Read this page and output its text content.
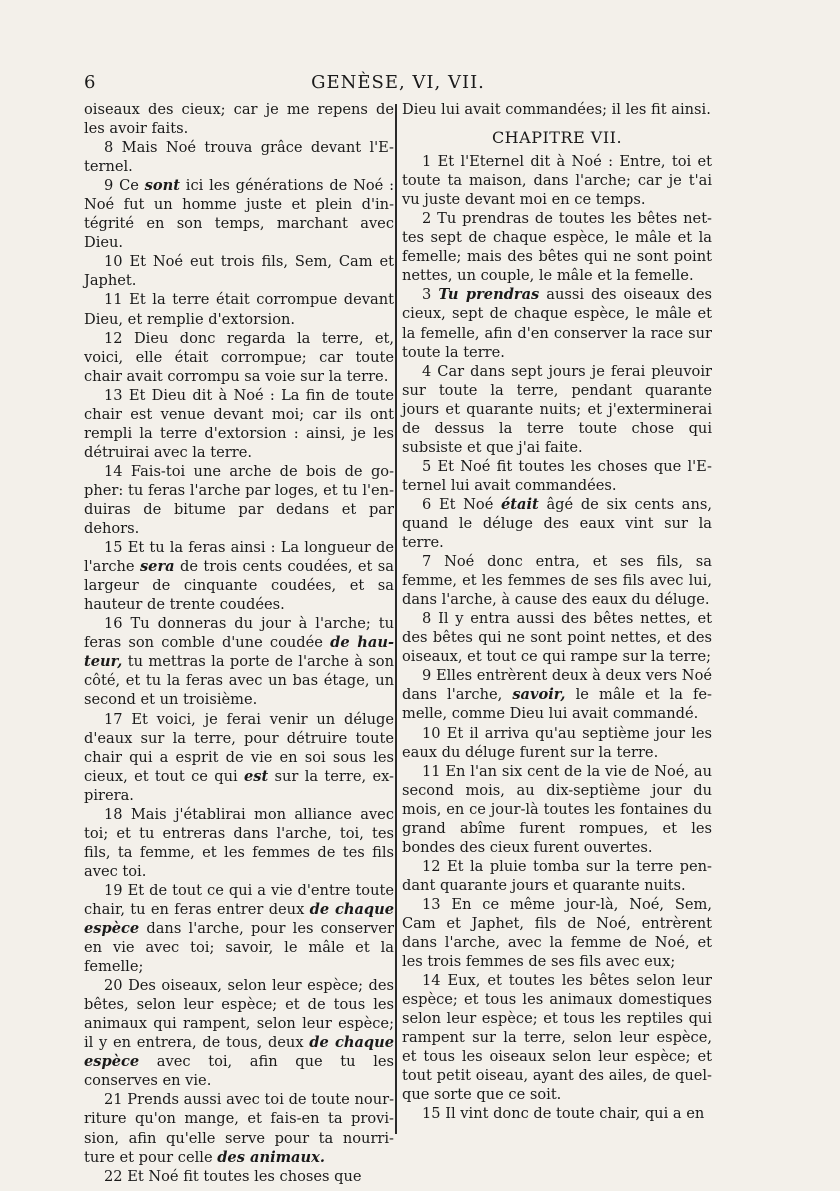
6	GENÈSE, VI, VII.

oiseaux des cieux; car je me repens de les avoir faits.

8 Mais Noé trouva grâce devant l'E-ternel.

9 Ce sont ici les générations de Noé : Noé fut un homme juste et plein d'in-tégrité en son temps, marchant avec Dieu.

10 Et Noé eut trois fils, Sem, Cam et Japhet.

11 Et la terre était corrompue devant Dieu, et remplie d'extorsion.

12 Dieu donc regarda la terre, et, voici, elle était corrompue; car toute chair avait corrompu sa voie sur la terre.

13 Et Dieu dit à Noé : La fin de toute chair est venue devant moi; car ils ont rempli la terre d'extorsion : ainsi, je les détruirai avec la terre.

14 Fais-toi une arche de bois de go-pher: tu feras l'arche par loges, et tu l'en-duiras de bitume par dedans et par dehors.

15 Et tu la feras ainsi : La longueur de l'arche sera de trois cents coudées, et sa largeur de cinquante coudées, et sa hauteur de trente coudées.

16 Tu donneras du jour à l'arche; tu feras son comble d'une coudée de hau-teur, tu mettras la porte de l'arche à son côté, et tu la feras avec un bas étage, un second et un troisième.

17 Et voici, je ferai venir un déluge d'eaux sur la terre, pour détruire toute chair qui a esprit de vie en soi sous les cieux, et tout ce qui est sur la terre, ex-pirera.

18 Mais j'établirai mon alliance avec toi; et tu entreras dans l'arche, toi, tes fils, ta femme, et les femmes de tes fils avec toi.

19 Et de tout ce qui a vie d'entre toute chair, tu en feras entrer deux de chaque espèce dans l'arche, pour les conserver en vie avec toi; savoir, le mâle et la femelle;

20 Des oiseaux, selon leur espèce; des bêtes, selon leur espèce; et de tous les animaux qui rampent, selon leur espèce; il y en entrera, de tous, deux de chaque espèce avec toi, afin que tu les conserves en vie.

21 Prends aussi avec toi de toute nour-riture qu'on mange, et fais-en ta provi-sion, afin qu'elle serve pour ta nourri-ture et pour celle des animaux.

22 Et Noé fit toutes les choses que

Dieu lui avait commandées; il les fit ainsi.

CHAPITRE VII.

1 Et l'Eternel dit à Noé : Entre, toi et toute ta maison, dans l'arche; car je t'ai vu juste devant moi en ce temps.

2 Tu prendras de toutes les bêtes net-tes sept de chaque espèce, le mâle et la femelle; mais des bêtes qui ne sont point nettes, un couple, le mâle et la femelle.

3 Tu prendras aussi des oiseaux des cieux, sept de chaque espèce, le mâle et la femelle, afin d'en conserver la race sur toute la terre.

4 Car dans sept jours je ferai pleuvoir sur toute la terre, pendant quarante jours et quarante nuits; et j'exterminerai de dessus la terre toute chose qui subsiste et que j'ai faite.

5 Et Noé fit toutes les choses que l'E-ternel lui avait commandées.

6 Et Noé était âgé de six cents ans, quand le déluge des eaux vint sur la terre.

7 Noé donc entra, et ses fils, sa femme, et les femmes de ses fils avec lui, dans l'arche, à cause des eaux du déluge.

8 Il y entra aussi des bêtes nettes, et des bêtes qui ne sont point nettes, et des oiseaux, et tout ce qui rampe sur la terre;

9 Elles entrèrent deux à deux vers Noé dans l'arche, savoir, le mâle et la fe-melle, comme Dieu lui avait commandé.

10 Et il arriva qu'au septième jour les eaux du déluge furent sur la terre.

11 En l'an six cent de la vie de Noé, au second mois, au dix-septième jour du mois, en ce jour-là toutes les fontaines du grand abîme furent rompues, et les bondes des cieux furent ouvertes.

12 Et la pluie tomba sur la terre pen-dant quarante jours et quarante nuits.

13 En ce même jour-là, Noé, Sem, Cam et Japhet, fils de Noé, entrèrent dans l'arche, avec la femme de Noé, et les trois femmes de ses fils avec eux;

14 Eux, et toutes les bêtes selon leur espèce; et tous les animaux domestiques selon leur espèce; et tous les reptiles qui rampent sur la terre, selon leur espèce, et tous les oiseaux selon leur espèce; et tout petit oiseau, ayant des ailes, de quel-que sorte que ce soit.

15 Il vint donc de toute chair, qui a en
